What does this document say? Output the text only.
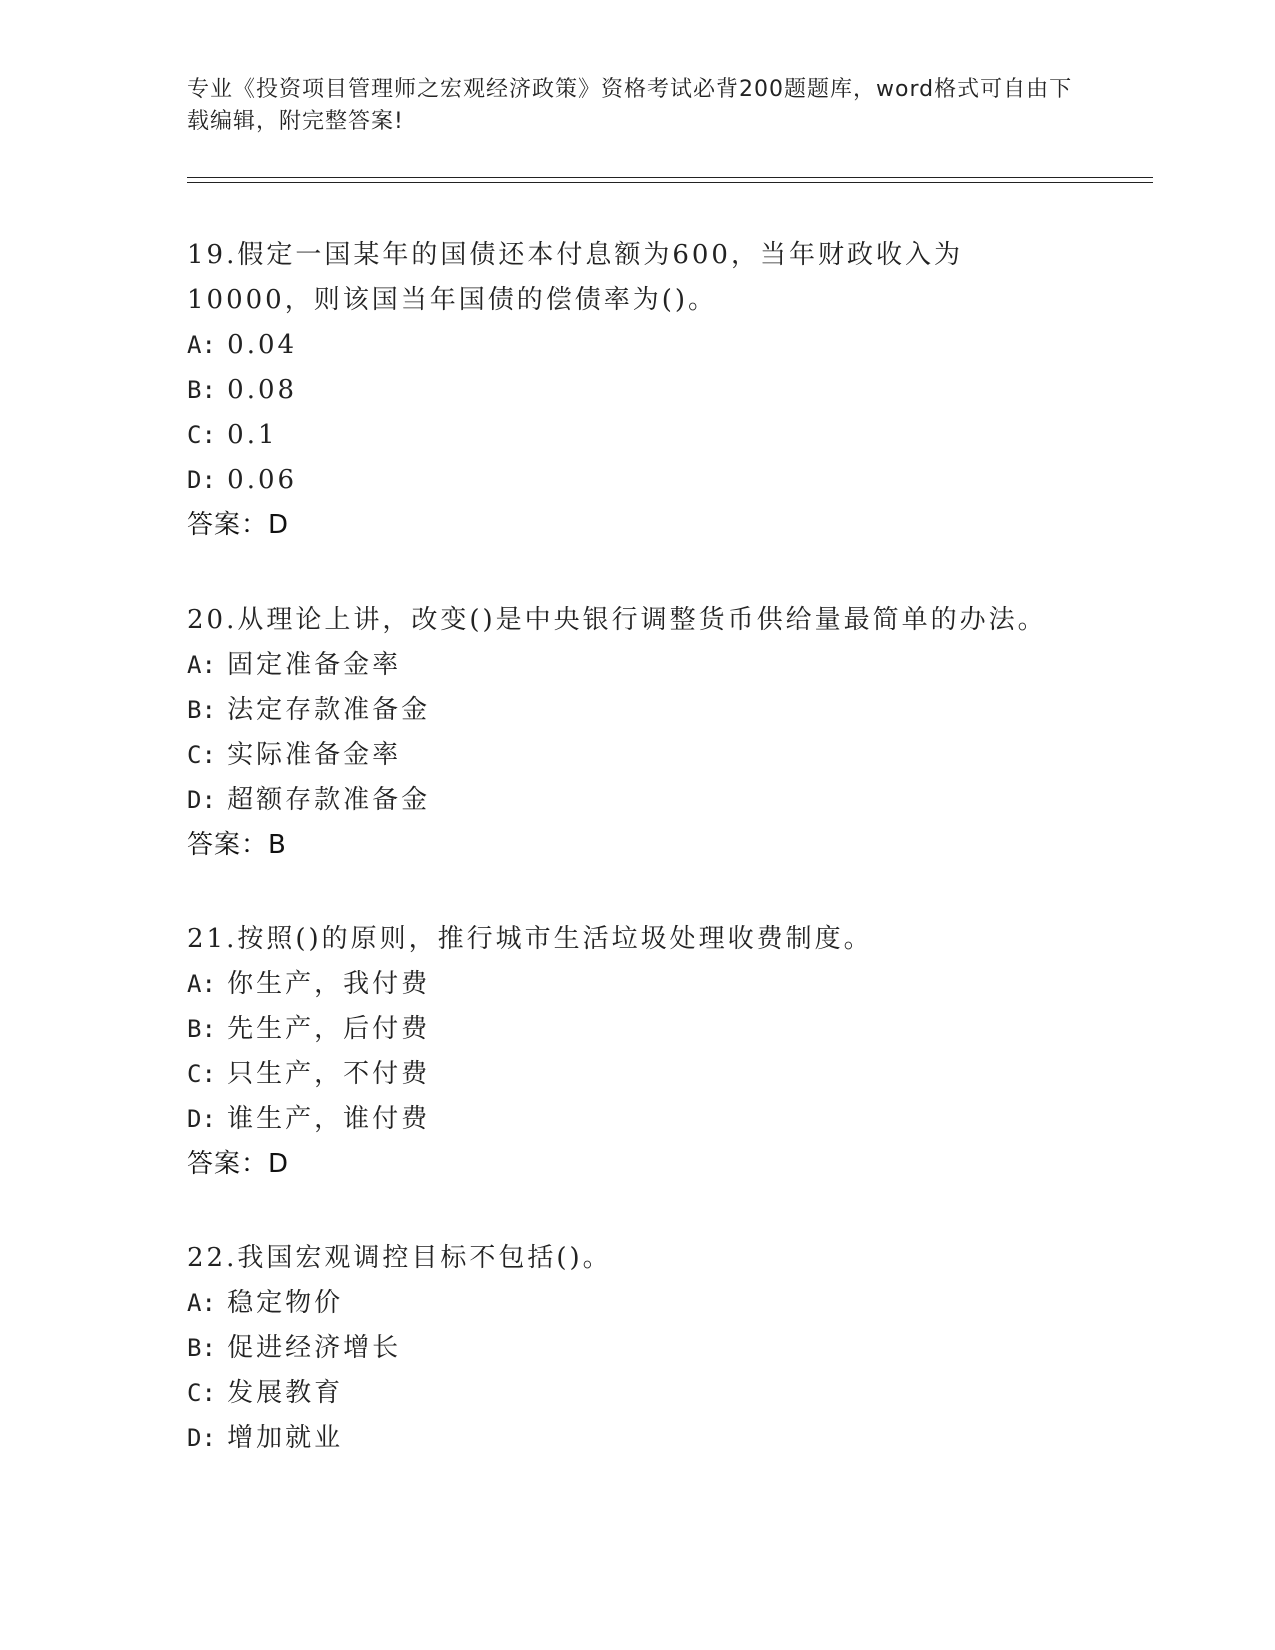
专业《投资项目管理师之宏观经济政策》资格考试必背200题题库，word格式可自由下载编辑，附完整答案!
19.假定一国某年的国债还本付息额为600，当年财政收入为10000，则该国当年国债的偿债率为()。
A: 0.04
B: 0.08
C: 0.1
D: 0.06
答案：D
20.从理论上讲，改变()是中央银行调整货币供给量最简单的办法。
A: 固定准备金率
B: 法定存款准备金
C: 实际准备金率
D: 超额存款准备金
答案：B
21.按照()的原则，推行城市生活垃圾处理收费制度。
A: 你生产，我付费
B: 先生产，后付费
C: 只生产，不付费
D: 谁生产，谁付费
答案：D
22.我国宏观调控目标不包括()。
A: 稳定物价
B: 促进经济增长
C: 发展教育
D: 增加就业
